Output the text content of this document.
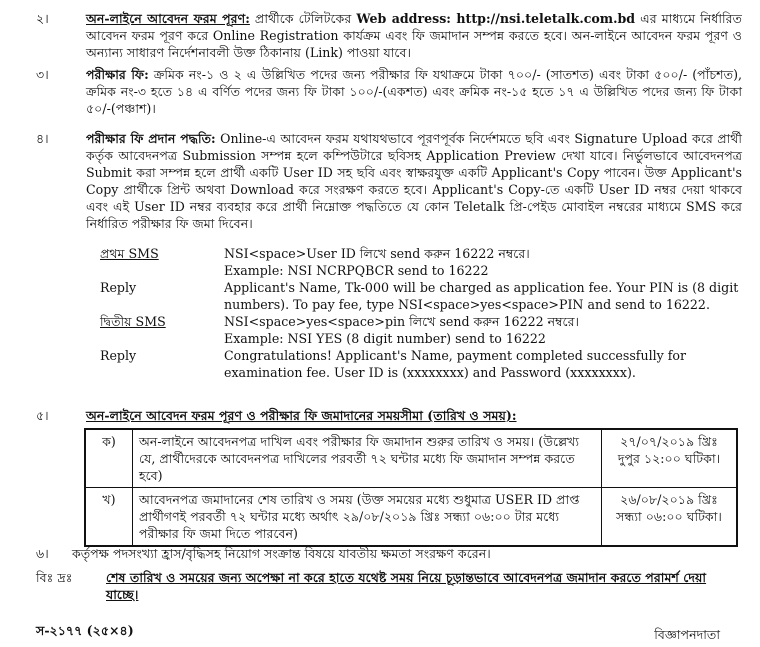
২।	অন-লাইনে আবেদন ফরম পূরণ: প্রার্থীকে টেলিটকের Web address: http://nsi.teletalk.com.bd এর মাধ্যমে নির্ধারিত আবেদন ফরম পূরণ করে Online Registration কার্যক্রম এবং ফি জমাদান সম্পন্ন করতে হবে। অন-লাইনে আবেদন ফরম পূরণ ও অন্যান্য সাধারণ নির্দেশনাবলী উক্ত ঠিকানায় (Link) পাওয়া যাবে।
৩।	পরীক্ষার ফি: ক্রমিক নং-১ ও ২ এ উল্লিখিত পদের জন্য পরীক্ষার ফি যথাক্রমে টাকা ৭০০/- (সাতশত) এবং টাকা ৫০০/- (পাঁচশত), ক্রমিক নং-৩ হতে ১৪ এ বর্ণিত পদের জন্য ফি টাকা ১০০/-(একশত) এবং ক্রমিক নং-১৫ হতে ১৭ এ উল্লিখিত পদের জন্য ফি টাকা ৫০/-(পঞ্চাশ)।
৪।	পরীক্ষার ফি প্রদান পদ্ধতি: Online-এ আবেদন ফরম যথাযথভাবে পূরণপূর্বক নির্দেশমতে ছবি এবং Signature Upload করে প্রার্থী কর্তৃক আবেদনপত্র Submission সম্পন্ন হলে কম্পিউটারে ছবিসহ Application Preview দেখা যাবে। নির্ভুলভাবে আবেদনপত্র Submit করা সম্পন্ন হলে প্রার্থী একটি User ID সহ ছবি এবং স্বাক্ষরযুক্ত একটি Applicant's Copy পাবেন। উক্ত Applicant's Copy প্রার্থীকে প্রিন্ট অথবা Download করে সংরক্ষণ করতে হবে। Applicant's Copy-তে একটি User ID নম্বর দেয়া থাকবে এবং এই User ID নম্বর ব্যবহার করে প্রার্থী নিম্নোক্ত পদ্ধতিতে যে কোন Teletalk প্রি-পেইড মোবাইল নম্বরের মাধ্যমে SMS করে নির্ধারিত পরীক্ষার ফি জমা দিবেন।
প্রথম SMS	NSI<space>User ID লিখে send করুন 16222 নম্বরে।
Example: NSI NCRPQBCR send to 16222
Reply	Applicant's Name, Tk-000 will be charged as application fee. Your PIN is (8 digit numbers). To pay fee, type NSI<space>yes<space>PIN and send to 16222.
দ্বিতীয় SMS	NSI<space>yes<space>pin লিখে send করুন 16222 নম্বরে।
Example: NSI YES (8 digit number) send to 16222
Reply	Congratulations! Applicant's Name, payment completed successfully for examination fee. User ID is (xxxxxxxx) and Password (xxxxxxxx).
৫।	অন-লাইনে আবেদন ফরম পূরণ ও পরীক্ষার ফি জমাদানের সময়সীমা (তারিখ ও সময়):
ক)	অন-লাইনে আবেদনপত্র দাখিল এবং পরীক্ষার ফি জমাদান শুরুর তারিখ ও সময়। (উল্লেখ্য যে, প্রার্থীদেরকে আবেদনপত্র দাখিলের পরবর্তী ৭২ ঘন্টার মধ্যে ফি জমাদান সম্পন্ন করতে হবে)	২৭/০৭/২০১৯ খ্রিঃ
দুপুর ১২:০০ ঘটিকা।

খ)	আবেদনপত্র জমাদানের শেষ তারিখ ও সময় (উক্ত সময়ের মধ্যে শুধুমাত্র USER ID প্রাপ্ত প্রার্থীগণই পরবর্তী ৭২ ঘন্টার মধ্যে অর্থাৎ ২৯/০৮/২০১৯ খ্রিঃ সন্ধ্যা ০৬:০০ টার মধ্যে পরীক্ষার ফি জমা দিতে পারবেন)	২৬/০৮/২০১৯ খ্রিঃ
সন্ধ্যা ০৬:০০ ঘটিকা।
৬।	কর্তৃপক্ষ পদসংখ্যা হ্রাস/বৃদ্ধিসহ নিয়োগ সংক্রান্ত বিষয়ে যাবতীয় ক্ষমতা সংরক্ষণ করেন।
বিঃ দ্রঃ	শেষ তারিখ ও সময়ের জন্য অপেক্ষা না করে হাতে যথেষ্ট সময় নিয়ে চূড়ান্তভাবে আবেদনপত্র জমাদান করতে পরামর্শ দেয়া যাচ্ছে।
স-২১৭৭ (২৫×৪)	বিজ্ঞাপনদাতা
